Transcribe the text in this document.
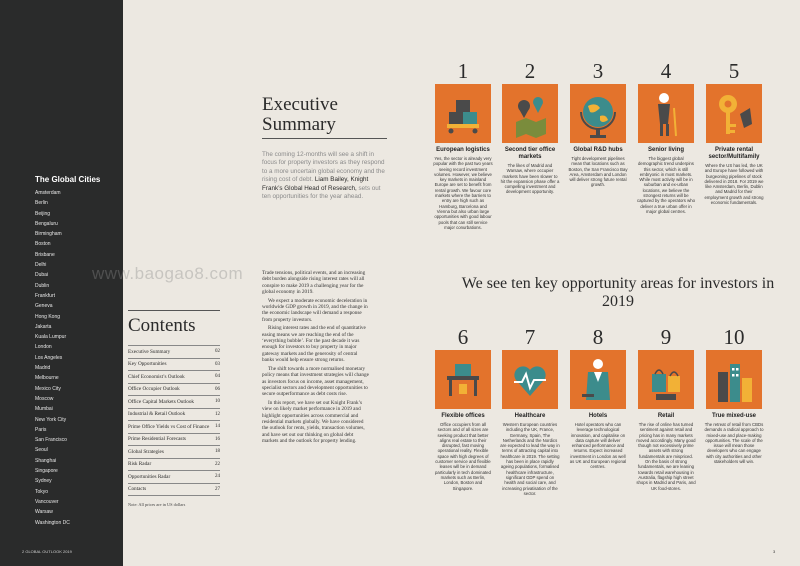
The Global Cities
Amsterdam
Berlin
Beijing
Bengaluru
Birmingham
Boston
Brisbane
Delhi
Dubai
Dublin
Frankfurt
Geneva
Hong Kong
Jakarta
Kuala Lumpur
London
Los Angeles
Madrid
Melbourne
Mexico City
Moscow
Mumbai
New York City
Paris
San Francisco
Seoul
Shanghai
Singapore
Sydney
Tokyo
Vancouver
Warsaw
Washington DC
2 GLOBAL OUTLOOK 2019
www.baogao8.com
Contents
Executive Summary	02
Key Opportunities	03
Chief Economist’s Outlook	04
Office Occupier Outlook	06
Office Capital Markets Outlook	10
Industrial & Retail Outlook	12
Prime Office Yields vs Cost of Finance	14
Prime Residential Forecasts	16
Global Strategies	18
Risk Radar	22
Opportunities Radar	24
Contacts	27
Note: All prices are in US dollars
Executive
Summary

The coming 12-months will see a shift in focus for property investors as they respond to a more uncertain global economy and the rising cost of debt. Liam Bailey, Knight Frank’s Global Head of Research, sets out ten opportunities for the year ahead.

Trade tensions, political events, and an increasing debt burden alongside rising interest rates will all conspire to make 2019 a challenging year for the global economy in 2019.

We expect a moderate economic deceleration in worldwide GDP growth in 2019, and the change in the economic landscape will demand a response from property investors.

Rising interest rates and the end of quantitative easing means we are reaching the end of the ‘everything bubble’. For the past decade it was enough for investors to buy property in major gateway markets and the generosity of central banks would help ensure strong returns.

The shift towards a more normalised monetary policy means that investment strategies will change as investors focus on income, asset management, specialist sectors and development opportunities to secure outperformance as debt costs rise.

In this report, we have set out Knight Frank’s view on likely market performance in 2019 and highlight opportunities across commercial and residential markets globally. We have considered the outlook for rents, yields, transaction volumes, and have set out our thinking on global debt markets and the outlook for property lending.

1
European logistics
Yes, the sector is already very popular with the past two years seeing record investment volumes. However, we believe key markets in mainland Europe are set to benefit from rental growth. We favour core markets where the barriers to entry are high such as Hamburg, Barcelona and Vienna but also urban large opportunities with good labour pools that can still service major conurbations.
2
Second tier office markets
The likes of Madrid and Warsaw, where occupier markets have been slower to hit the expansion phase offer a compelling investment and development opportunity.
3
Global R&D hubs
Tight development pipelines mean that locations such as Boston, the San Francisco Bay Area, Amsterdam and London will deliver strong future rental growth.
4
Senior living
The biggest global demographic trend underpins this sector, which is still embryonic in most markets. While most activity will be in suburban and ex-urban locations, we believe the strongest returns will be captured by the operators who deliver a true urban offer in major global centres.
5
Private rental sector/Multifamily
Where the US has led, the UK and Europe have followed with burgeoning pipelines of stock delivered in 2018. For 2019 we like Amsterdam, Berlin, Dublin and Madrid for their employment growth and strong economic fundamentals.
6
Flexible offices
Office occupiers from all sectors and of all sizes are seeking product that better aligns real estate to their disrupted, fast moving operational reality. Flexible space with high degrees of customer service and flexible leases will be in demand particularly in tech dominated markets such as Berlin, London, Boston and Singapore.
7
Healthcare
Western European countries including the UK, France, Germany, Spain, The Netherlands and the Nordics are expected to lead the way in terms of attracting capital into healthcare in 2019. The setting has been in place rapidly ageing populations, formalised healthcare infrastructure, significant GDP spend on health and social care, and increasing privatisation of the sector.
8
Hotels
Hotel operators who can leverage technological innovation, and capitalise on data capture will deliver enhanced performance and returns. Expect increased investment in London as well as UK and European regional centres.
9
Retail
The rise of online has turned sentiment against retail and pricing has in many markets moved accordingly. Many good though not excessively prime assets with strong fundamentals are mispriced. On the basis of strong fundamentals, we are leaning towards retail warehousing in Australia, flagship high street shops in Madrid and Paris, and UK food-stores.
10
True mixed-use
The retreat of retail from CBDs demands a radical approach to mixed-use and place-making opportunities. The scale of the issue will mean those developers who can engage with city authorities and other stakeholders will win.
We see ten key opportunity areas for investors in 2019
3
